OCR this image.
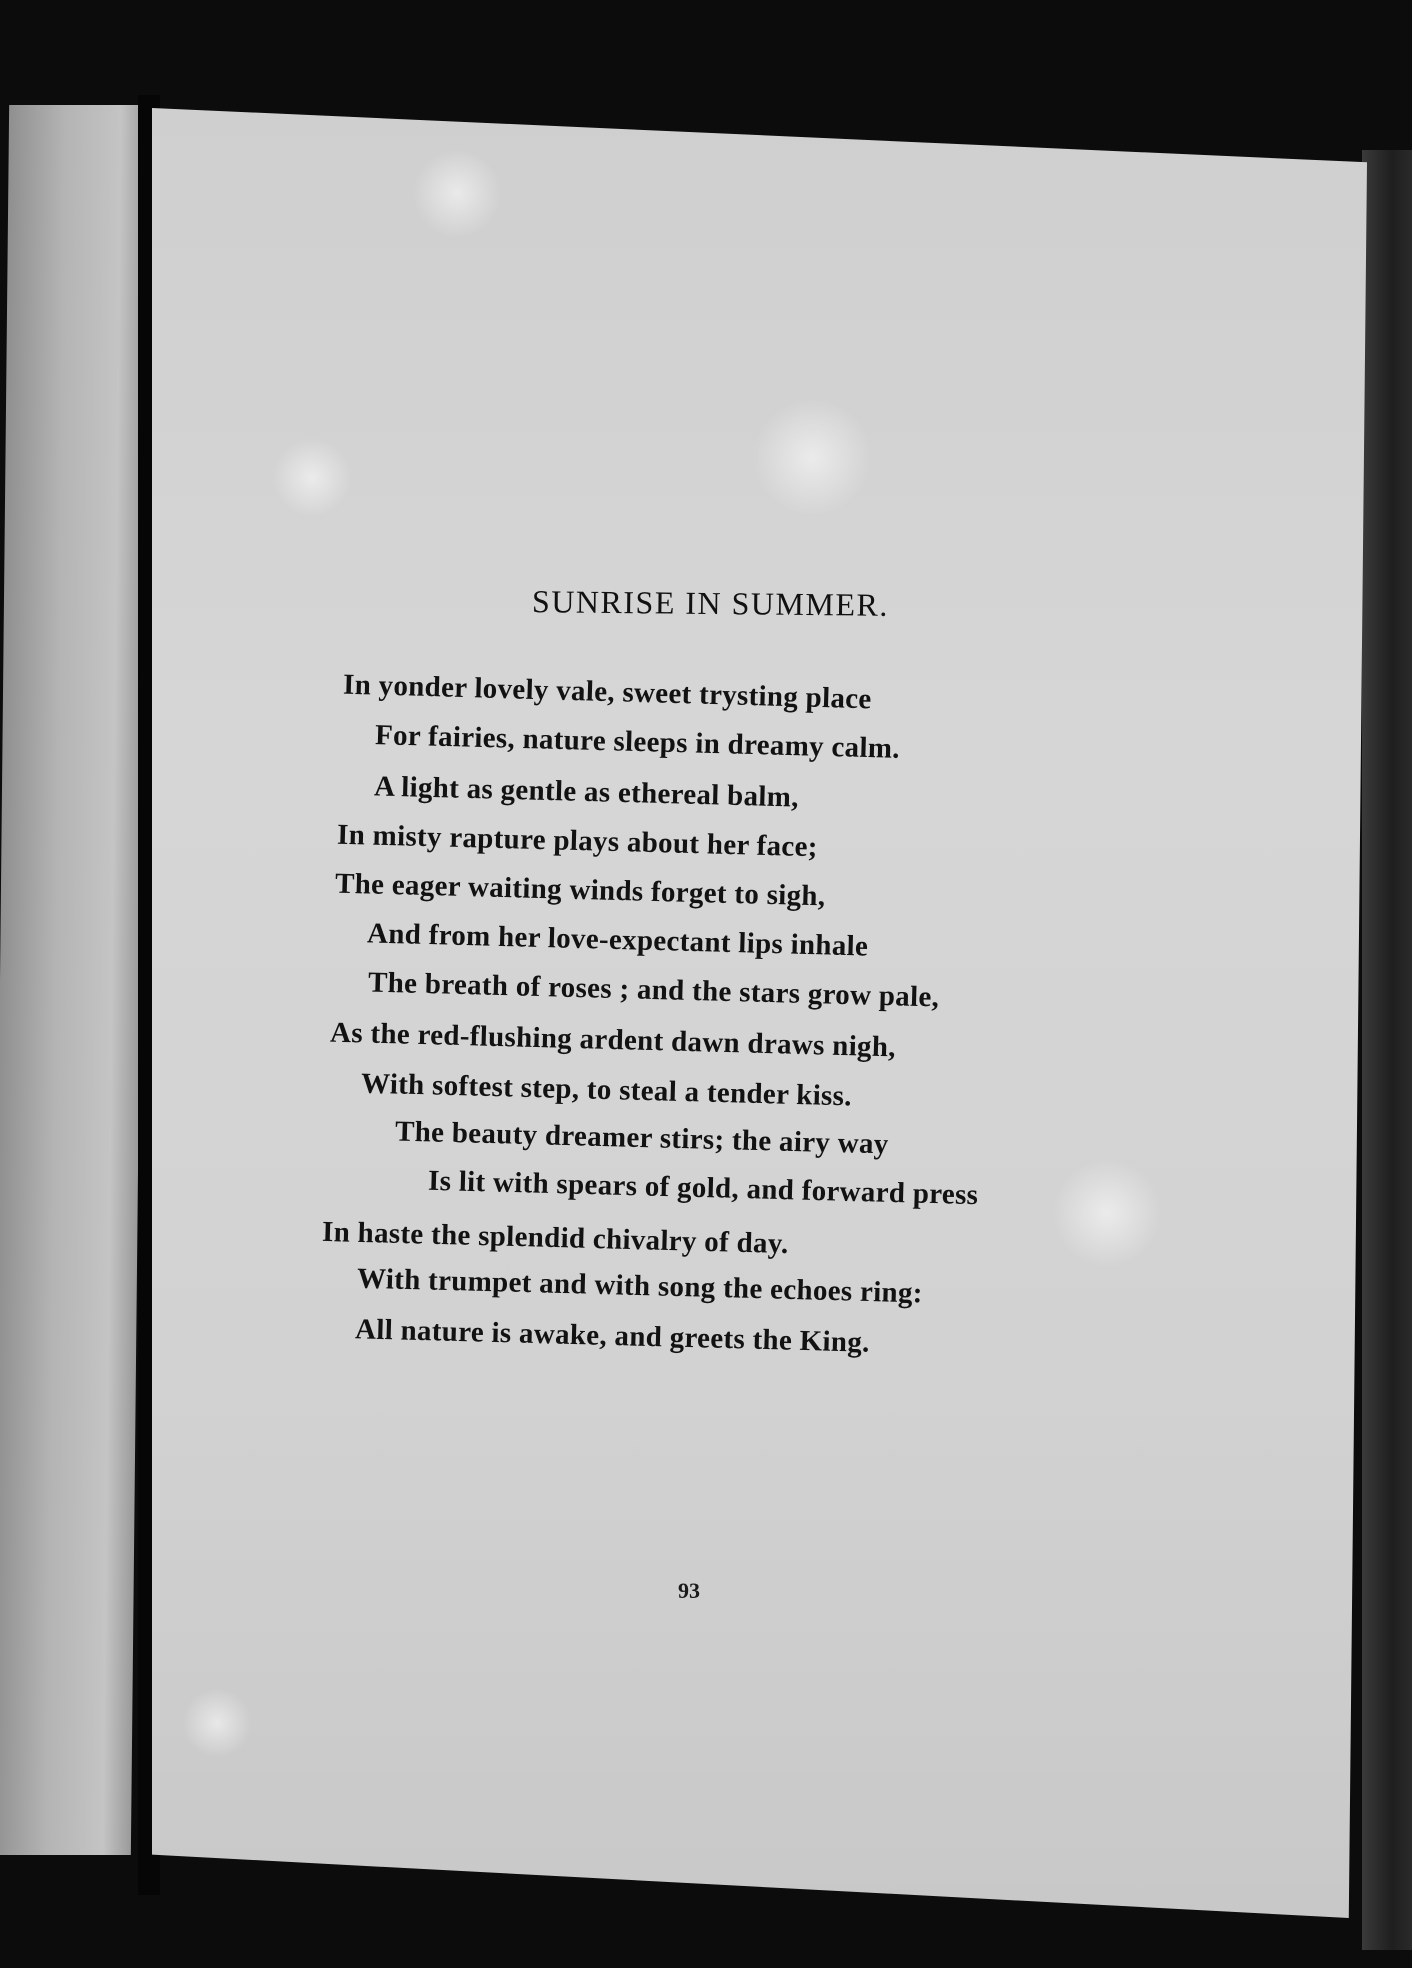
SUNRISE IN SUMMER.
In yonder lovely vale, sweet trysting place
For fairies, nature sleeps in dreamy calm.
A light as gentle as ethereal balm,
In misty rapture plays about her face;
The eager waiting winds forget to sigh,
And from her love-expectant lips inhale
The breath of roses ; and the stars grow pale,
As the red-flushing ardent dawn draws nigh,
With softest step, to steal a tender kiss.
The beauty dreamer stirs; the airy way
Is lit with spears of gold, and forward press
In haste the splendid chivalry of day.
With trumpet and with song the echoes ring:
All nature is awake, and greets the King.
93
